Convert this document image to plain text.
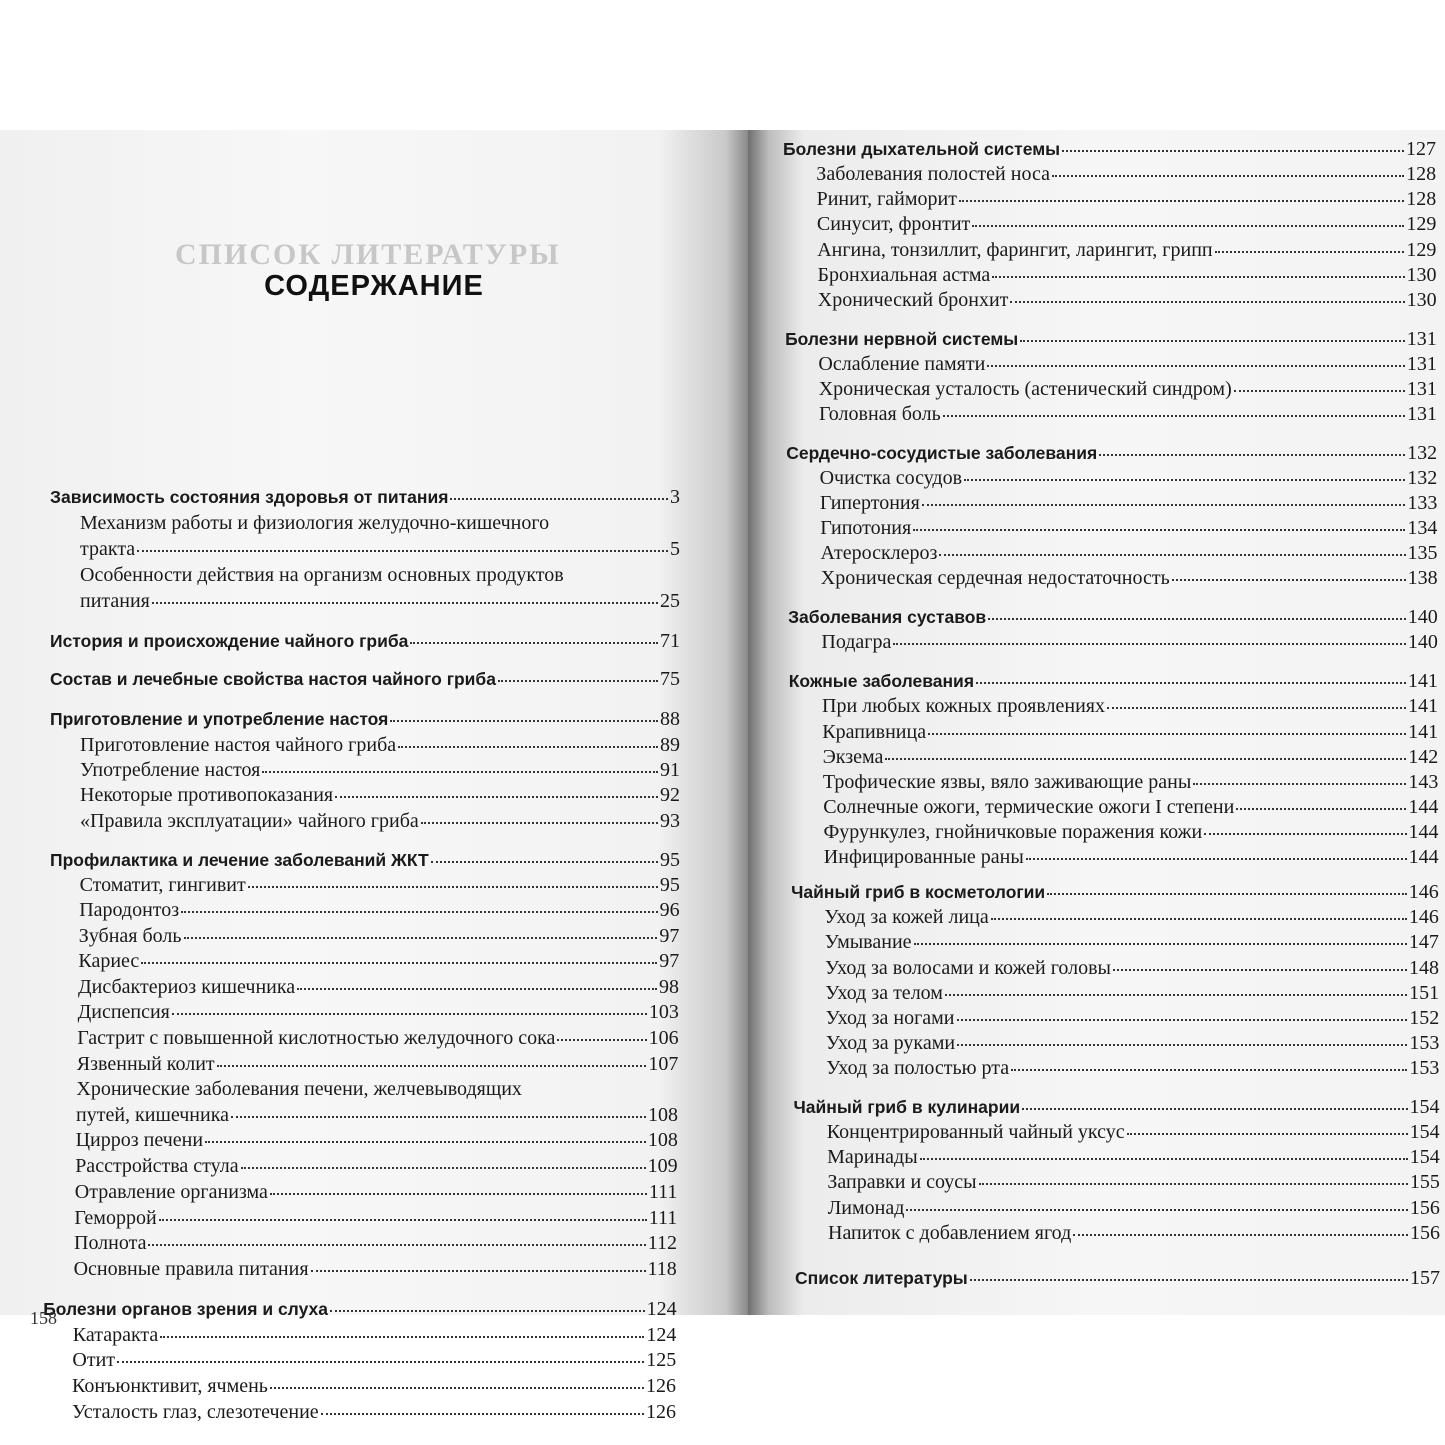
СПИСОК ЛИТЕРАТУРЫ
СОДЕРЖАНИЕ
Зависимость состояния здоровья от питания	3
Механизм работы и физиология желудочно-кишечного
тракта	5
Особенности действия на организм основных продуктов
питания	25
История и происхождение чайного гриба	71
Состав и лечебные свойства настоя чайного гриба	75
Приготовление и употребление настоя	88
Приготовление настоя чайного гриба	89
Употребление настоя	91
Некоторые противопоказания	92
«Правила эксплуатации» чайного гриба	93
Профилактика и лечение заболеваний ЖКТ	95
Стоматит, гингивит	95
Пародонтоз	96
Зубная боль	97
Кариес	97
Дисбактериоз кишечника	98
Диспепсия	103
Гастрит с повышенной кислотностью желудочного сока	106
Язвенный колит	107
Хронические заболевания печени, желчевыводящих
путей, кишечника	108
Цирроз печени	108
Расстройства стула	109
Отравление организма	111
Геморрой	111
Полнота	112
Основные правила питания	118
Болезни органов зрения и слуха	124
Катаракта	124
Отит	125
Конъюнктивит, ячмень	126
Усталость глаз, слезотечение	126
158
Болезни дыхательной системы	127
Заболевания полостей носа	128
Ринит, гайморит	128
Синусит, фронтит	129
Ангина, тонзиллит, фарингит, ларингит, грипп	129
Бронхиальная астма	130
Хронический бронхит	130
Болезни нервной системы	131
Ослабление памяти	131
Хроническая усталость (астенический синдром)	131
Головная боль	131
Сердечно-сосудистые заболевания	132
Очистка сосудов	132
Гипертония	133
Гипотония	134
Атеросклероз	135
Хроническая сердечная недостаточность	138
Заболевания суставов	140
Подагра	140
Кожные заболевания	141
При любых кожных проявлениях	141
Крапивница	141
Экзема	142
Трофические язвы, вяло заживающие раны	143
Солнечные ожоги, термические ожоги I степени	144
Фурункулез, гнойничковые поражения кожи	144
Инфицированные раны	144
Чайный гриб в косметологии	146
Уход за кожей лица	146
Умывание	147
Уход за волосами и кожей головы	148
Уход за телом	151
Уход за ногами	152
Уход за руками	153
Уход за полостью рта	153
Чайный гриб в кулинарии	154
Концентрированный чайный уксус	154
Маринады	154
Заправки и соусы	155
Лимонад	156
Напиток с добавлением ягод	156
Список литературы	157
